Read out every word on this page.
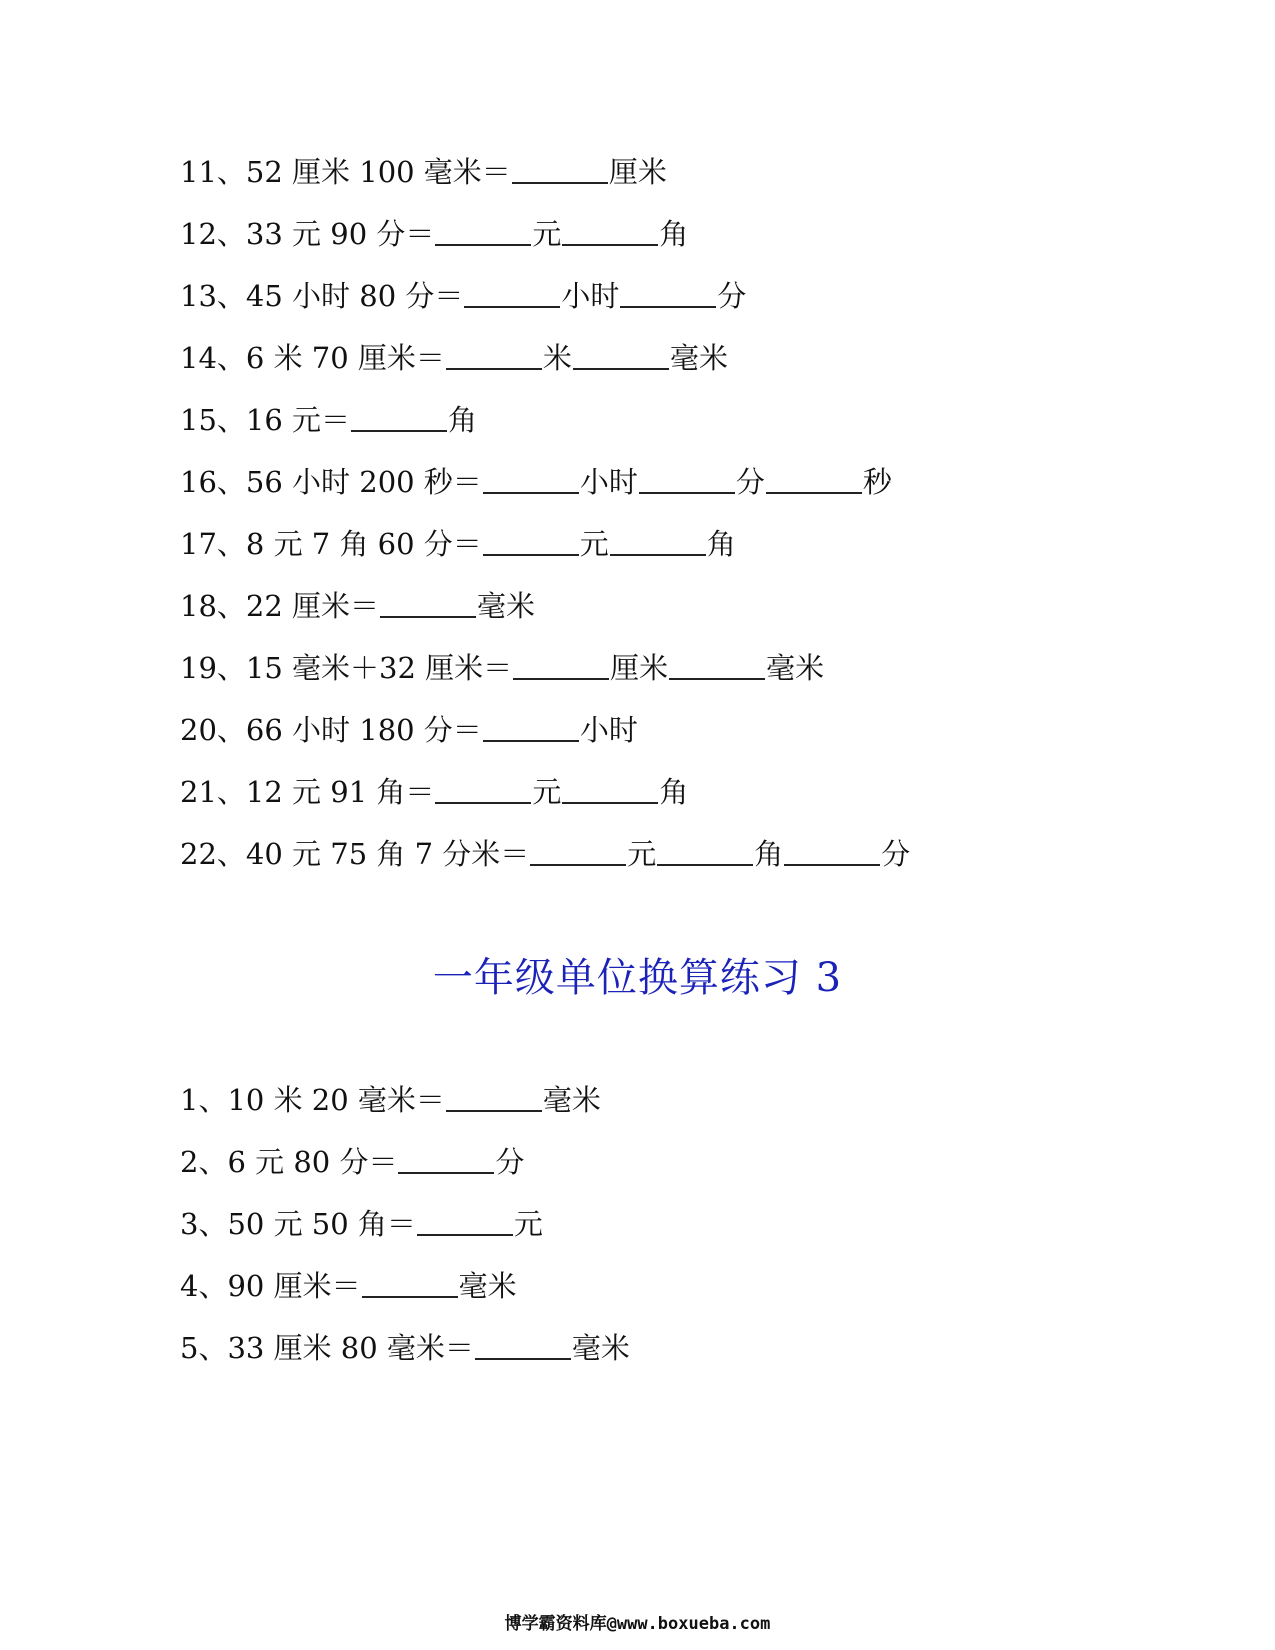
11、52 厘米 100 毫米＝	厘米
12、33 元 90 分＝	元	角
13、45 小时 80 分＝	小时	分
14、6 米 70 厘米＝	米	毫米
15、16 元＝	角
16、56 小时 200 秒＝	小时	分	秒
17、8 元 7 角 60 分＝	元	角
18、22 厘米＝	毫米
19、15 毫米＋32 厘米＝	厘米	毫米
20、66 小时 180 分＝	小时
21、12 元 91 角＝	元	角
22、40 元 75 角 7 分米＝	元	角	分
一年级单位换算练习 3
1、10 米 20 毫米＝	毫米
2、6 元 80 分＝	分
3、50 元 50 角＝	元
4、90 厘米＝	毫米
5、33 厘米 80 毫米＝	毫米
博学霸资料库@www.boxueba.com
